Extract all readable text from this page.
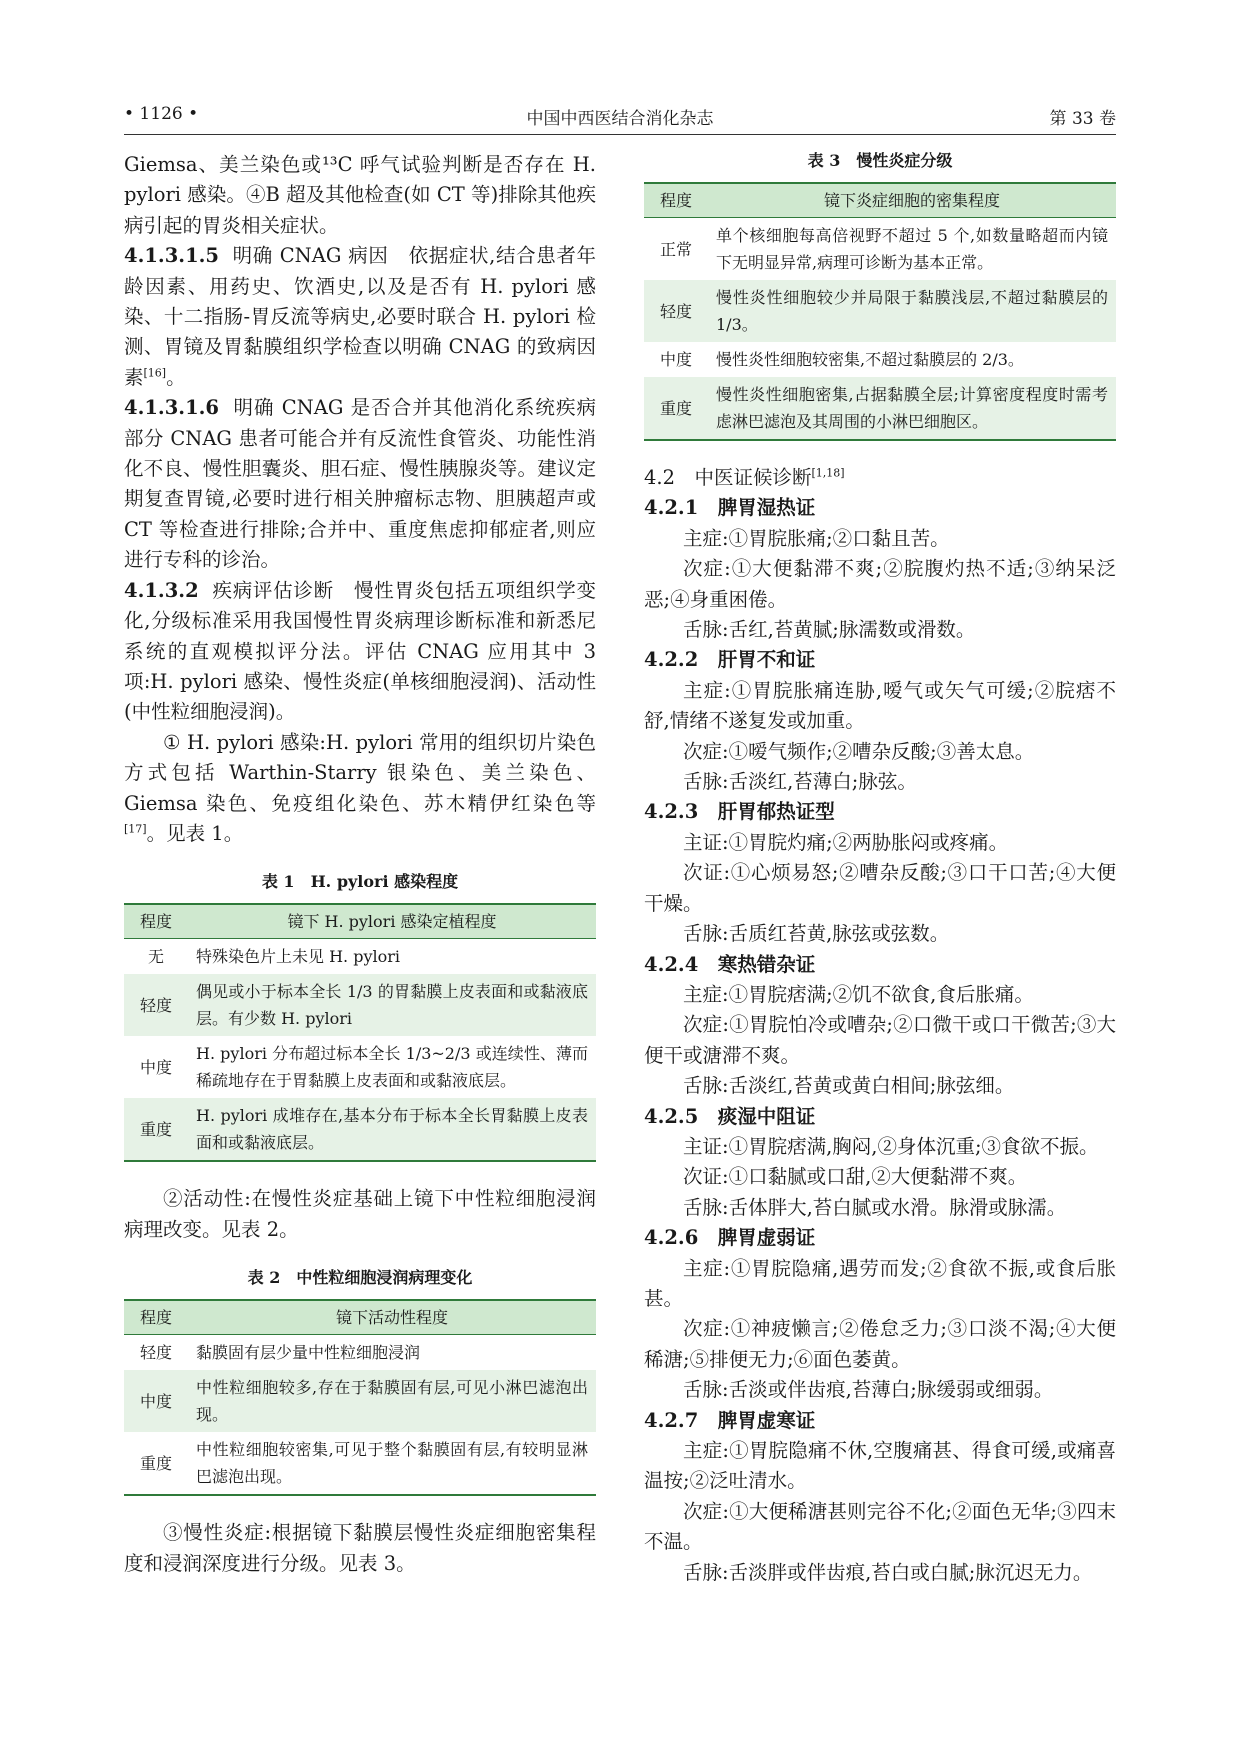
• 1126 •	中国中西医结合消化杂志	第 33 卷

Giemsa、美兰染色或¹³C 呼气试验判断是否存在 H. pylori 感染。④B 超及其他检查(如 CT 等)排除其他疾病引起的胃炎相关症状。

4.1.3.1.5 明确 CNAG 病因　依据症状,结合患者年龄因素、用药史、饮酒史,以及是否有 H. pylori 感染、十二指肠-胃反流等病史,必要时联合 H. pylori 检测、胃镜及胃黏膜组织学检查以明确 CNAG 的致病因素[16]。

4.1.3.1.6 明确 CNAG 是否合并其他消化系统疾病　部分 CNAG 患者可能合并有反流性食管炎、功能性消化不良、慢性胆囊炎、胆石症、慢性胰腺炎等。建议定期复查胃镜,必要时进行相关肿瘤标志物、胆胰超声或 CT 等检查进行排除;合并中、重度焦虑抑郁症者,则应进行专科的诊治。

4.1.3.2 疾病评估诊断　慢性胃炎包括五项组织学变化,分级标准采用我国慢性胃炎病理诊断标准和新悉尼系统的直观模拟评分法。评估 CNAG 应用其中 3 项:H. pylori 感染、慢性炎症(单核细胞浸润)、活动性(中性粒细胞浸润)。

① H. pylori 感染:H. pylori 常用的组织切片染色方式包括 Warthin-Starry 银染色、美兰染色、Giemsa 染色、免疫组化染色、苏木精伊红染色等[17]。见表 1。

表 1　H. pylori 感染程度
程度	镜下 H. pylori 感染定植程度
无	特殊染色片上未见 H. pylori
轻度	偶见或小于标本全长 1/3 的胃黏膜上皮表面和或黏液底层。有少数 H. pylori
中度	H. pylori 分布超过标本全长 1/3~2/3 或连续性、薄而稀疏地存在于胃黏膜上皮表面和或黏液底层。
重度	H. pylori 成堆存在,基本分布于标本全长胃黏膜上皮表面和或黏液底层。

②活动性:在慢性炎症基础上镜下中性粒细胞浸润病理改变。见表 2。

表 2　中性粒细胞浸润病理变化
程度	镜下活动性程度
轻度	黏膜固有层少量中性粒细胞浸润
中度	中性粒细胞较多,存在于黏膜固有层,可见小淋巴滤泡出现。
重度	中性粒细胞较密集,可见于整个黏膜固有层,有较明显淋巴滤泡出现。

③慢性炎症:根据镜下黏膜层慢性炎症细胞密集程度和浸润深度进行分级。见表 3。

表 3　慢性炎症分级
程度	镜下炎症细胞的密集程度
正常	单个核细胞每高倍视野不超过 5 个,如数量略超而内镜下无明显异常,病理可诊断为基本正常。
轻度	慢性炎性细胞较少并局限于黏膜浅层,不超过黏膜层的 1/3。
中度	慢性炎性细胞较密集,不超过黏膜层的 2/3。
重度	慢性炎性细胞密集,占据黏膜全层;计算密度程度时需考虑淋巴滤泡及其周围的小淋巴细胞区。

4.2　中医证候诊断[1,18]

4.2.1　脾胃湿热证

主症:①胃脘胀痛;②口黏且苦。

次症:①大便黏滞不爽;②脘腹灼热不适;③纳呆泛恶;④身重困倦。

舌脉:舌红,苔黄腻;脉濡数或滑数。

4.2.2　肝胃不和证

主症:①胃脘胀痛连胁,嗳气或矢气可缓;②脘痞不舒,情绪不遂复发或加重。

次症:①嗳气频作;②嘈杂反酸;③善太息。

舌脉:舌淡红,苔薄白;脉弦。

4.2.3　肝胃郁热证型

主证:①胃脘灼痛;②两胁胀闷或疼痛。

次证:①心烦易怒;②嘈杂反酸;③口干口苦;④大便干燥。

舌脉:舌质红苔黄,脉弦或弦数。

4.2.4　寒热错杂证

主症:①胃脘痞满;②饥不欲食,食后胀痛。

次症:①胃脘怕冷或嘈杂;②口微干或口干微苦;③大便干或溏滞不爽。

舌脉:舌淡红,苔黄或黄白相间;脉弦细。

4.2.5　痰湿中阻证

主证:①胃脘痞满,胸闷,②身体沉重;③食欲不振。

次证:①口黏腻或口甜,②大便黏滞不爽。

舌脉:舌体胖大,苔白腻或水滑。脉滑或脉濡。

4.2.6　脾胃虚弱证

主症:①胃脘隐痛,遇劳而发;②食欲不振,或食后胀甚。

次症:①神疲懒言;②倦怠乏力;③口淡不渴;④大便稀溏;⑤排便无力;⑥面色萎黄。

舌脉:舌淡或伴齿痕,苔薄白;脉缓弱或细弱。

4.2.7　脾胃虚寒证

主症:①胃脘隐痛不休,空腹痛甚、得食可缓,或痛喜温按;②泛吐清水。

次症:①大便稀溏甚则完谷不化;②面色无华;③四末不温。

舌脉:舌淡胖或伴齿痕,苔白或白腻;脉沉迟无力。
